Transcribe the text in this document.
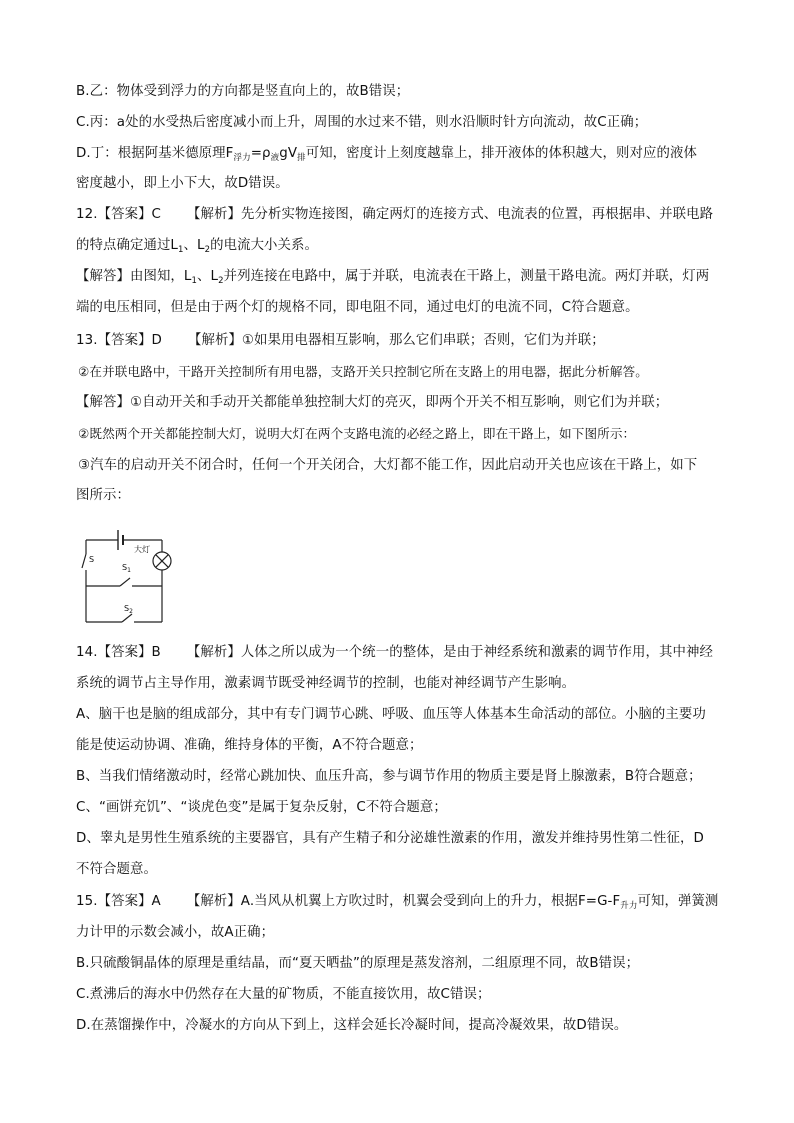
B.乙：物体受到浮力的方向都是竖直向上的，故B错误；
C.丙：a处的水受热后密度减小而上升，周围的水过来不错，则水沿顺时针方向流动，故C正确；
D.丁：根据阿基米德原理$F_{浮力}=\rho_液gV_排$可知，密度计上刻度越靠上，排开液体的体积越大，则对应的液体
密度越小，即上小下大，故D错误。
12.【答案】C 【解析】先分析实物连接图，确定两灯的连接方式、电流表的位置，再根据串、并联电路
的特点确定通过$L_1$、$L_2$的电流大小关系。
【解答】由图知，$L_1$、$L_2$并列连接在电路中，属于并联，电流表在干路上，测量干路电流。两灯并联，灯两
端的电压相同，但是由于两个灯的规格不同，即电阻不同，通过电灯的电流不同，C符合题意。
13.【答案】D 【解析】①如果用电器相互影响，那么它们串联；否则，它们为并联；
②在并联电路中，干路开关控制所有用电器，支路开关只控制它所在支路上的用电器，据此分析解答。
【解答】①自动开关和手动开关都能单独控制大灯的亮灭，即两个开关不相互影响，则它们为并联；
②既然两个开关都能控制大灯，说明大灯在两个支路电流的必经之路上，即在干路上，如下图所示：
③汽车的启动开关不闭合时，任何一个开关闭合，大灯都不能工作，因此启动开关也应该在干路上，如下
图所示：
S
大灯
$S_1$
$S_2$
14.【答案】B 【解析】人体之所以成为一个统一的整体，是由于神经系统和激素的调节作用，其中神经
系统的调节占主导作用，激素调节既受神经调节的控制，也能对神经调节产生影响。
A、脑干也是脑的组成部分，其中有专门调节心跳、呼吸、血压等人体基本生命活动的部位。小脑的主要功
能是使运动协调、准确，维持身体的平衡，A不符合题意；
B、当我们情绪激动时，经常心跳加快、血压升高，参与调节作用的物质主要是肾上腺激素，B符合题意；
C、“画饼充饥”、“谈虎色变”是属于复杂反射，C不符合题意；
D、睾丸是男性生殖系统的主要器官，具有产生精子和分泌雄性激素的作用，激发并维持男性第二性征，D
不符合题意。
15.【答案】A 【解析】A.当风从机翼上方吹过时，机翼会受到向上的升力，根据$F=G-F_{升力}$可知，弹簧测
力计甲的示数会减小，故A正确；
B.只硫酸铜晶体的原理是重结晶，而“夏天晒盐”的原理是蒸发溶剂，二组原理不同，故B错误；
C.煮沸后的海水中仍然存在大量的矿物质，不能直接饮用，故C错误；
D.在蒸馏操作中，冷凝水的方向从下到上，这样会延长冷凝时间，提高冷凝效果，故D错误。
